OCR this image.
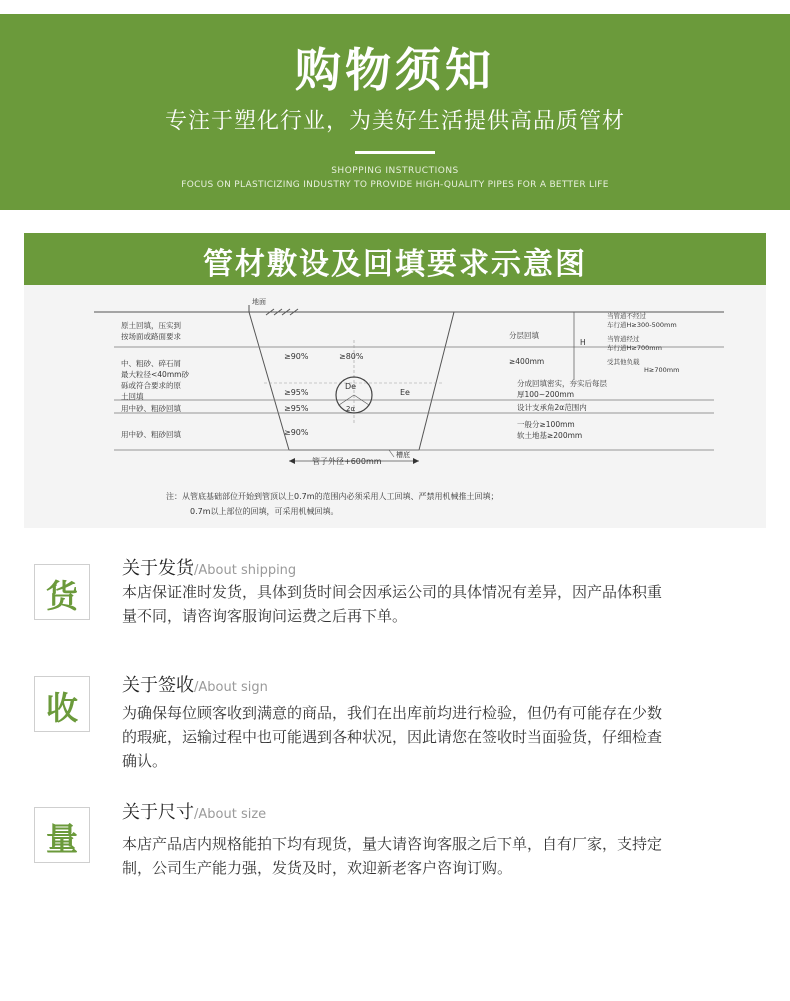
购物须知
专注于塑化行业，为美好生活提供高品质管材
SHOPPING INSTRUCTIONS
FOCUS ON PLASTICIZING INDUSTRY TO PROVIDE HIGH-QUALITY PIPES FOR A BETTER LIFE
管材敷设及回填要求示意图
地面
De
2α
Ee
原土回填，压实到
按场面或路面要求
中、粗砂、碎石屑
最大粒径<40mm砂
砾或符合要求的原
土回填
用中砂、粗砂回填
用中砂、粗砂回填
≥90%	≥80%
≥95%
≥95%
≥90%
管子外径+600mm
槽底
分层回填
H
≥400mm
当管道不经过
车行道H≥300-500mm
当管道经过
车行道H≥700mm
受其他负载
H≥700mm
分成回填密实，夯实后每层
厚100~200mm
设计支承角2α范围内
一般分≥100mm
软土地基≥200mm
注：从管底基础部位开始到管顶以上0.7m的范围内必须采用人工回填、严禁用机械推土回填；
0.7m以上部位的回填，可采用机械回填。
货
关于发货/About shipping
本店保证准时发货，具体到货时间会因承运公司的具体情况有差异，因产品体积重
量不同，请咨询客服询问运费之后再下单。
收
关于签收/About sign
为确保每位顾客收到满意的商品，我们在出库前均进行检验，但仍有可能存在少数
的瑕疵，运输过程中也可能遇到各种状况，因此请您在签收时当面验货，仔细检查
确认。
量
关于尺寸/About size
本店产品店内规格能拍下均有现货，量大请咨询客服之后下单，自有厂家，支持定
制，公司生产能力强，发货及时，欢迎新老客户咨询订购。
